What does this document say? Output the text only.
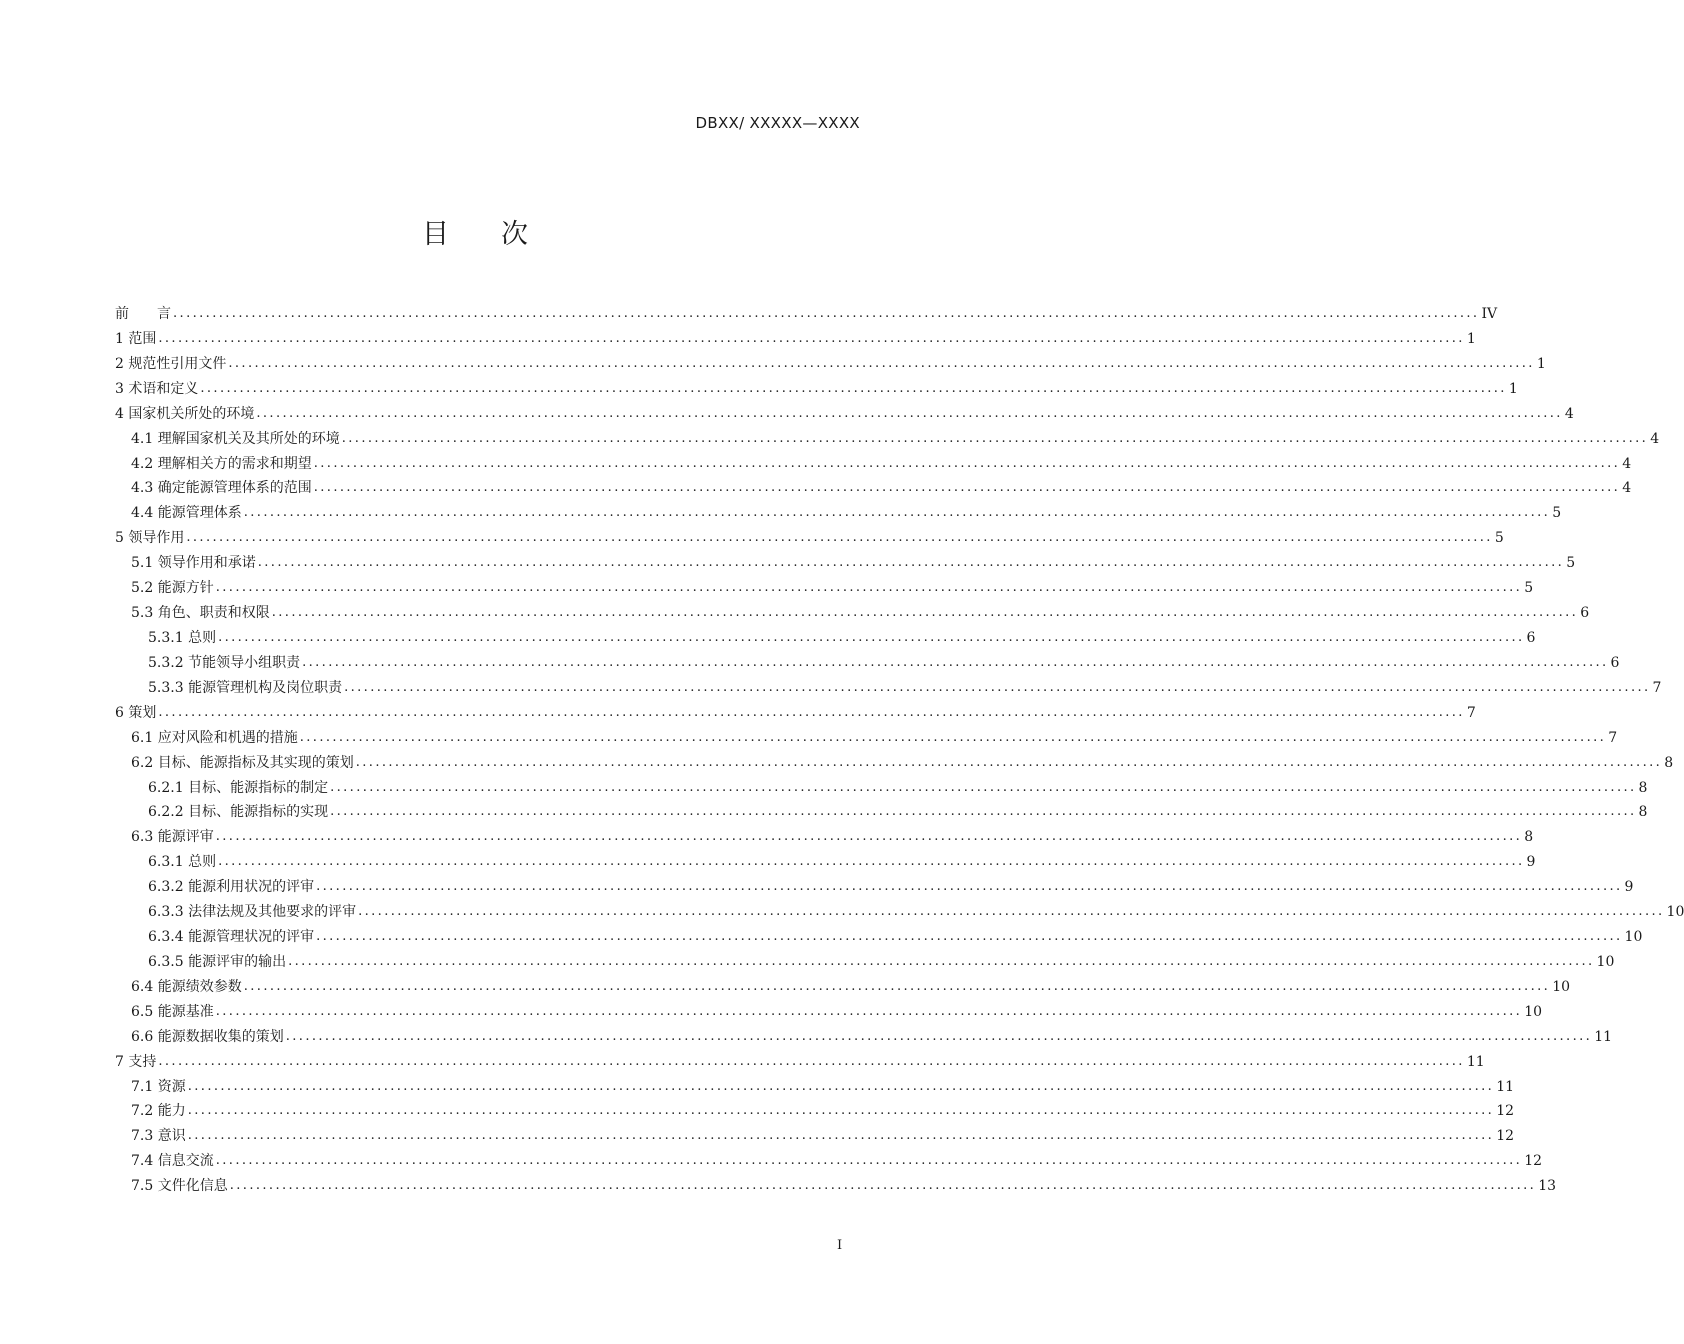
DBXX/ XXXXX—XXXX
目次
前　　言 ........................................................................................................................................................................................................ IV
1 范围 ........................................................................................................................................................................................................ 1
2 规范性引用文件 ........................................................................................................................................................................................................ 1
3 术语和定义 ........................................................................................................................................................................................................ 1
4 国家机关所处的环境 ........................................................................................................................................................................................................ 4
4.1 理解国家机关及其所处的环境 ........................................................................................................................................................................................................ 4
4.2 理解相关方的需求和期望 ........................................................................................................................................................................................................ 4
4.3 确定能源管理体系的范围 ........................................................................................................................................................................................................ 4
4.4 能源管理体系 ........................................................................................................................................................................................................ 5
5 领导作用 ........................................................................................................................................................................................................ 5
5.1 领导作用和承诺 ........................................................................................................................................................................................................ 5
5.2 能源方针 ........................................................................................................................................................................................................ 5
5.3 角色、职责和权限 ........................................................................................................................................................................................................ 6
5.3.1 总则 ........................................................................................................................................................................................................ 6
5.3.2 节能领导小组职责 ........................................................................................................................................................................................................ 6
5.3.3 能源管理机构及岗位职责 ........................................................................................................................................................................................................ 7
6 策划 ........................................................................................................................................................................................................ 7
6.1 应对风险和机遇的措施 ........................................................................................................................................................................................................ 7
6.2 目标、能源指标及其实现的策划 ........................................................................................................................................................................................................ 8
6.2.1 目标、能源指标的制定 ........................................................................................................................................................................................................ 8
6.2.2 目标、能源指标的实现 ........................................................................................................................................................................................................ 8
6.3 能源评审 ........................................................................................................................................................................................................ 8
6.3.1 总则 ........................................................................................................................................................................................................ 9
6.3.2 能源利用状况的评审 ........................................................................................................................................................................................................ 9
6.3.3 法律法规及其他要求的评审 ........................................................................................................................................................................................................ 10
6.3.4 能源管理状况的评审 ........................................................................................................................................................................................................ 10
6.3.5 能源评审的输出 ........................................................................................................................................................................................................ 10
6.4 能源绩效参数 ........................................................................................................................................................................................................ 10
6.5 能源基准 ........................................................................................................................................................................................................ 10
6.6 能源数据收集的策划 ........................................................................................................................................................................................................ 11
7 支持 ........................................................................................................................................................................................................ 11
7.1 资源 ........................................................................................................................................................................................................ 11
7.2 能力 ........................................................................................................................................................................................................ 12
7.3 意识 ........................................................................................................................................................................................................ 12
7.4 信息交流 ........................................................................................................................................................................................................ 12
7.5 文件化信息 ........................................................................................................................................................................................................ 13
I
